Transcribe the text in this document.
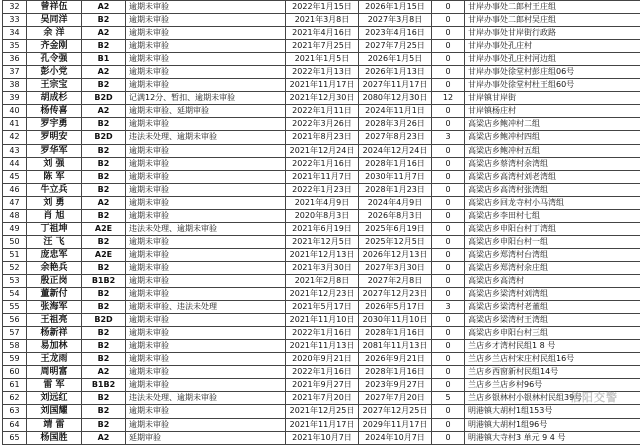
32	曾祥伍	A2	逾期未审验	2022年1月15日	2026年1月15日	0	甘岸办事处二郎村王庄组
33	吴同洋	B2	逾期未审验	2021年3月8日	2027年3月8日	0	甘岸办事处二郎村吴庄组
34	余 洋	A2	逾期未审验	2021年4月16日	2023年4月16日	0	甘岸办事处甘岸街行政路
35	齐金刚	B2	逾期未审验	2021年7月25日	2027年7月25日	0	甘岸办事处孔庄村
36	孔令强	B1	逾期未审验	2021年1月5日	2026年1月5日	0	甘岸办事处孔庄村河边组
37	彭小党	A2	逾期未审验	2022年1月13日	2026年1月13日	0	甘岸办事处徐堂村彭庄组06号
38	王宗宝	B2	逾期未审验	2021年11月17日	2027年11月17日	0	甘岸办事处徐堂村杜王组60号
39	胡成杉	B2D	记满12分、暂扣、逾期未审验	2021年12月30日	2080年12月30日	12	甘岸镇甘岸街
40	杨传喜	A2	逾期未审验、延期审验	2022年1月11日	2024年11月1日	0	甘岸镇杨庄村
41	罗宇勇	B2	逾期未审验	2022年3月26日	2028年3月26日	0	高梁店乡鲍冲村二组
42	罗明安	B2D	违法未处理、逾期未审验	2021年8月23日	2027年8月23日	3	高梁店乡鲍冲村四组
43	罗华军	B2	逾期未审验	2021年12月24日	2024年12月24日	0	高梁店乡鲍冲村五组
44	刘 强	B2	逾期未审验	2022年1月16日	2028年1月16日	0	高梁店乡蔡湾村余湾组
45	陈 军	B2	逾期未审验	2021年11月7日	2030年11月7日	0	高梁店乡高湾村刘老湾组
46	牛立兵	B2	逾期未审验	2022年1月23日	2028年1月23日	0	高梁店乡高湾村张湾组
47	刘 勇	A2	逾期未审验	2021年4月9日	2024年4月9日	0	高梁店乡回龙寺村小马湾组
48	肖 旭	B2	逾期未审验	2020年8月3日	2026年8月3日	0	高梁店乡李田村七组
49	丁祖坤	A2E	违法未处理、逾期未审验	2021年6月19日	2025年6月19日	0	高梁店乡申阳台村丁湾组
50	汪 飞	B2	逾期未审验	2021年12月5日	2025年12月5日	0	高梁店乡申阳台村一组
51	庞忠军	A2E	逾期未审验	2021年12月13日	2026年12月13日	0	高梁店乡郑湾村台湾组
52	余艳兵	B2	逾期未审验	2021年3月30日	2027年3月30日	0	高梁店乡郑湾村余庄组
53	殷正岗	B1B2	逾期未审验	2021年2月8日	2027年2月8日	0	高梁店乡高湾村
54	董新付	B2	逾期未审验	2021年12月23日	2027年12月23日	0	高梁店乡梁湾村刘湾组
55	张海军	B2	逾期未审验、违法未处理	2021年5月17日	2026年5月17日	3	高梁店乡梁湾村老董组
56	王祖亮	B2D	逾期未审验	2021年11月10日	2030年11月10日	0	高梁店乡梁湾村王湾组
57	杨新祥	B2	逾期未审验	2022年1月16日	2028年1月16日	0	高梁店乡申阳台村三组
58	易加林	B2	逾期未审验	2021年11月13日	2081年11月13日	0	兰店乡才湾村民组1 8 号
59	王龙雨	B2	逾期未审验	2020年9月21日	2026年9月21日	0	兰店乡兰店村宋庄村民组16号
60	周明富	A2	逾期未审验	2022年1月16日	2028年1月16日	0	兰店乡西窗新村民组14号
61	雷 军	B1B2	逾期未审验	2021年9月27日	2023年9月27日	0	兰店乡兰店乡村96号
62	刘远红	B2	违法未处理、逾期未审验	2021年7月20日	2027年7月20日	5	兰店乡银林村小银林村民组39号
63	刘国耀	B2	逾期未审验	2021年12月25日	2027年12月25日	0	明港镇大胡村1组153号
64	靖 雷	B2	逾期未审验	2021年11月17日	2029年11月17日	0	明港镇大胡村1组96号
65	杨国胜	A2	延期审验	2021年10月7日	2024年10月7日	0	明港镇大寺村3 单元 9 4 号
信阳交警
